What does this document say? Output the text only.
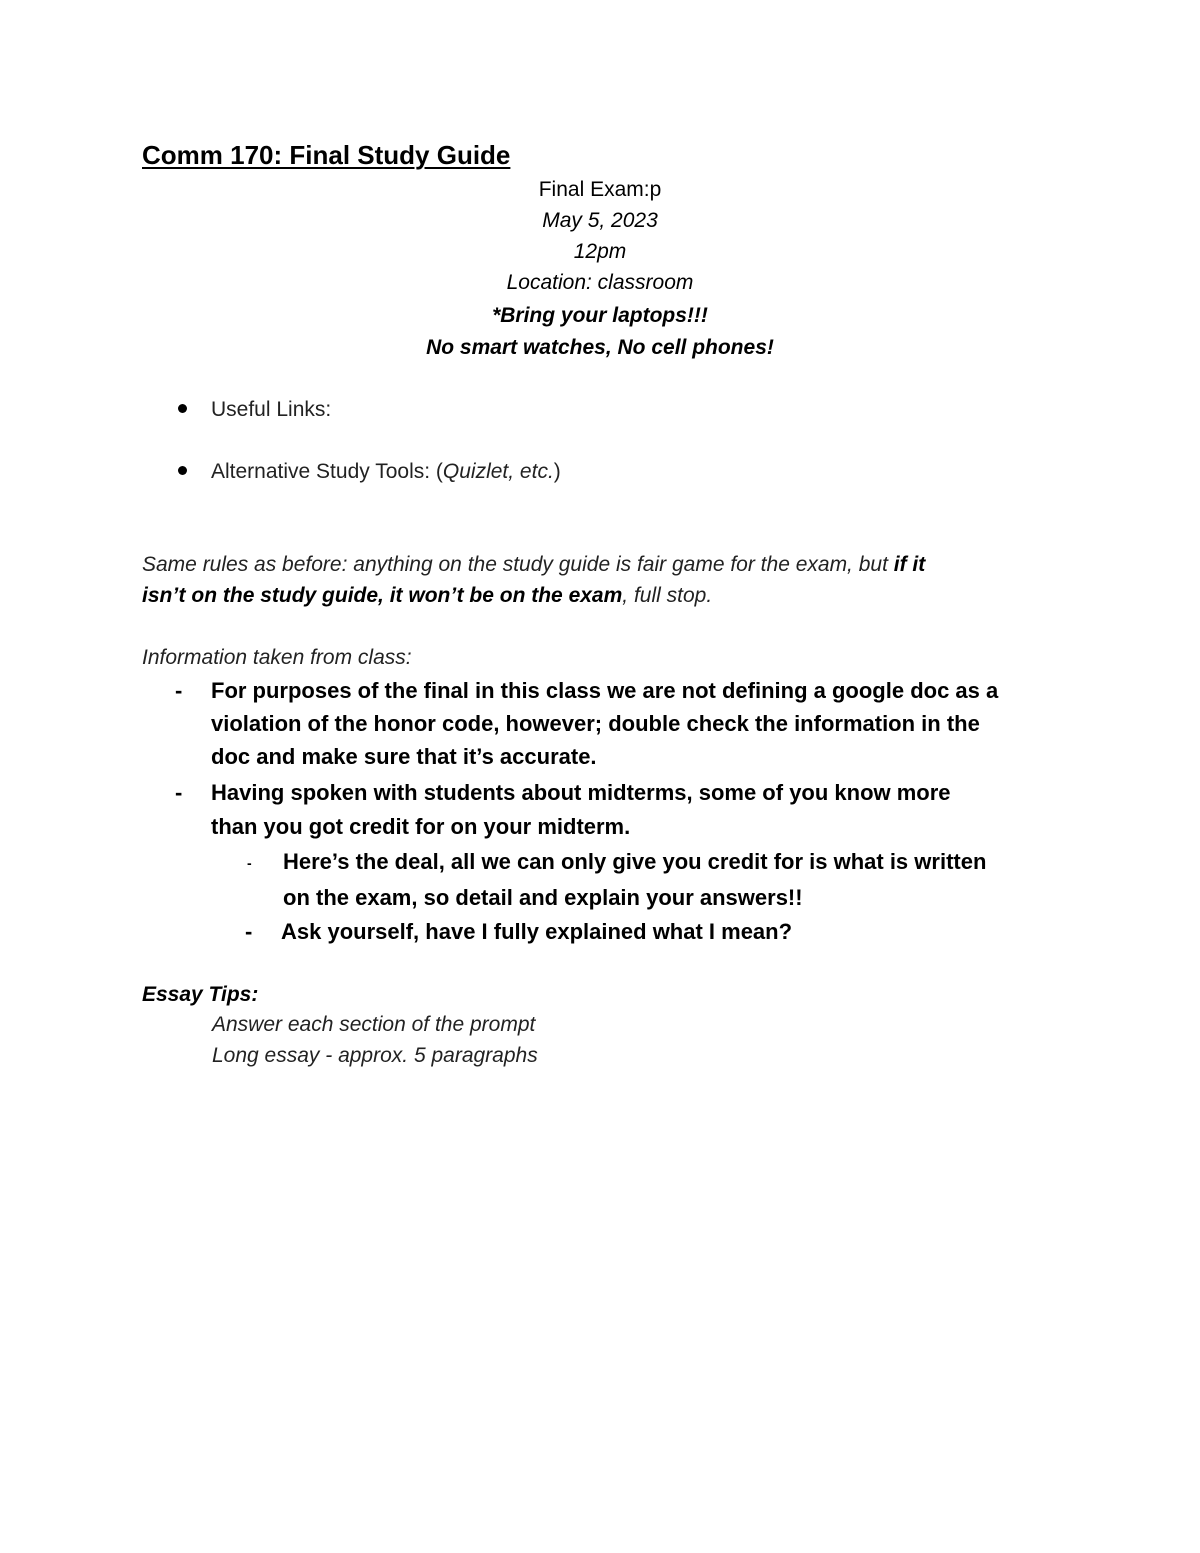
Comm 170: Final Study Guide
Final Exam:p
May 5, 2023
12pm
Location: classroom
*Bring your laptops!!!
No smart watches, No cell phones!
Useful Links:
Alternative Study Tools: (Quizlet, etc.)
Same rules as before: anything on the study guide is fair game for the exam, but if it
isn’t on the study guide, it won’t be on the exam, full stop.
Information taken from class:
- For purposes of the final in this class we are not defining a google doc as a
violation of the honor code, however; double check the information in the
doc and make sure that it’s accurate.
- Having spoken with students about midterms, some of you know more
than you got credit for on your midterm.
- Here’s the deal, all we can only give you credit for is what is written
on the exam, so detail and explain your answers!!
- Ask yourself, have I fully explained what I mean?
Essay Tips:
Answer each section of the prompt
Long essay - approx. 5 paragraphs
